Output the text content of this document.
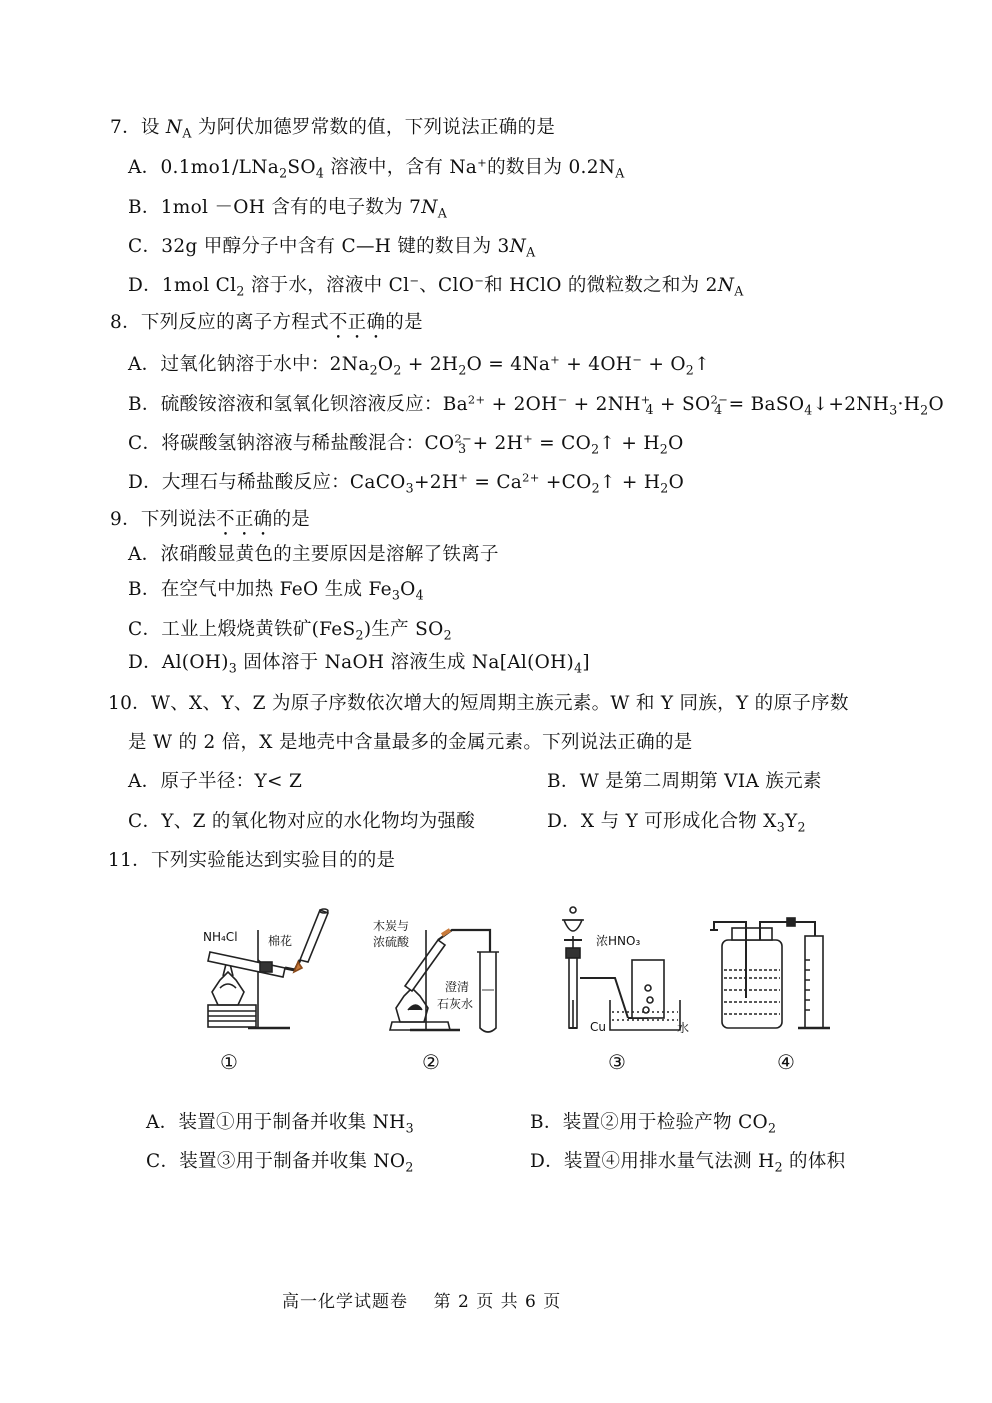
7．设 $N_A$ 为阿伏加德罗常数的值，下列说法正确的是
A．$0.1mo1/LNa_2SO_4$ 溶液中，含有 Na+的数目为 $0.2N_A$
B．1mol －OH 含有的电子数为 $7N_A$
C．32g 甲醇分子中含有 C—H 键的数目为 $3N_A$
D．1mol $Cl_2$ 溶于水，溶液中 Cl−、ClO−和 HClO 的微粒数之和为 $2N_A$
8．下列反应的离子方程式不正确的是
A．过氧化钠溶于水中：$2Na_2O_2 + 2H_2O = 4Na^+ + 4OH^-$ + $O_2↑$
B．硫酸铵溶液和氢氧化钡溶液反应：$Ba^{2+} + 2OH^- + 2NH^+_4 + SO^{2-}_4$ = $BaSO_4↓+2NH_3\cdot H_2O$
C．将碳酸氢钠溶液与稀盐酸混合：$CO^{2-}_3 + 2H^+$ = $CO_2↑ + H_2O$
D．大理石与稀盐酸反应：CaCO$_3$+2H+ = $Ca^{2+}$ $+CO_2↑ + H_2O$
9．下列说法不正确的是
A．浓硝酸显黄色的主要原因是溶解了铁离子
B．在空气中加热 FeO 生成 $Fe_3O_4$
C．工业上煅烧黄铁矿(FeS$_2$)生产 $SO_2$
D．$Al(OH)_3$ 固体溶于 NaOH 溶液生成 $Na[Al(OH)_4]$
10．W、X、Y、Z 为原子序数依次增大的短周期主族元素。W 和 Y 同族，Y 的原子序数
是 W 的 2 倍，X 是地壳中含量最多的金属元素。下列说法正确的是
A．原子半径：Y< Z	B．W 是第二周期第 VIA 族元素
C．Y、Z 的氧化物对应的水化物均为强酸	D．X 与 Y 可形成化合物 $X_3Y_2$
11．下列实验能达到实验目的的是
NH₄Cl	棉花
木炭与
浓硫酸
澄清
石灰水
浓HNO₃
Cu	水
①	②	③	④
A．装置①用于制备并收集 $NH_3$	B．装置②用于检验产物 $CO_2$
C．装置③用于制备并收集 $NO_2$	D．装置④用排水量气法测 $H_2$ 的体积
高一化学试题卷    第 2 页 共 6 页
